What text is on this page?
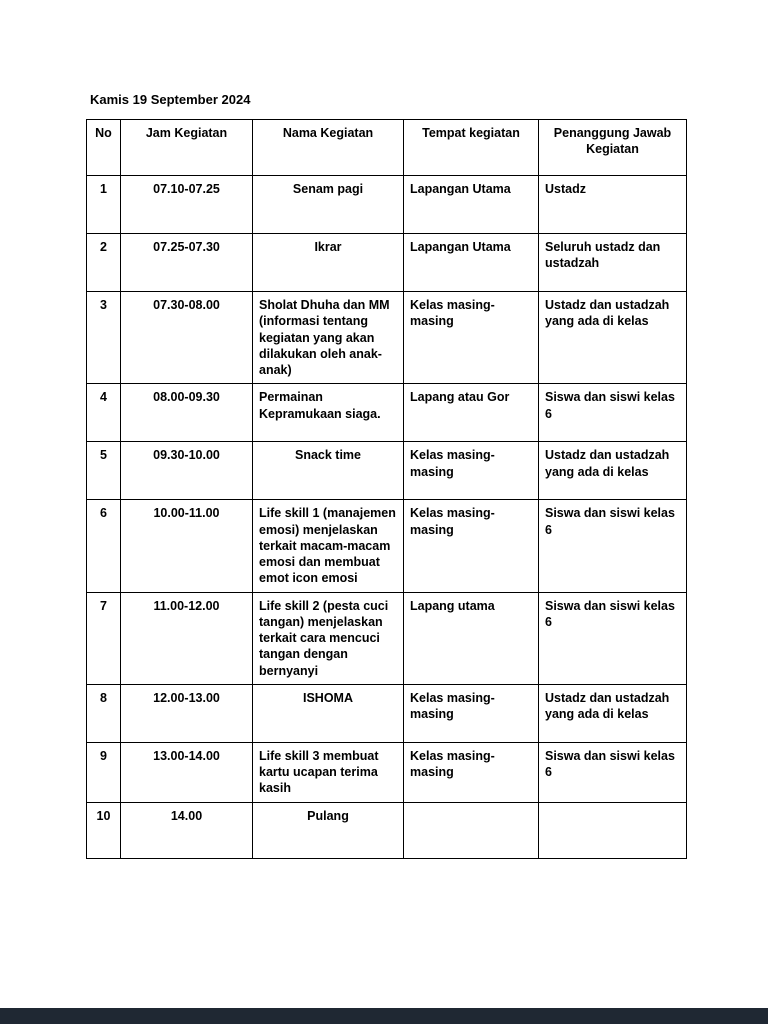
Kamis 19 September 2024
No	Jam Kegiatan	Nama Kegiatan	Tempat kegiatan	Penanggung Jawab Kegiatan
1	07.10-07.25	Senam pagi	Lapangan Utama	Ustadz
2	07.25-07.30	Ikrar	Lapangan Utama	Seluruh ustadz dan ustadzah
3	07.30-08.00	Sholat Dhuha dan MM (informasi tentang kegiatan yang akan dilakukan oleh anak-anak)	Kelas masing-masing	Ustadz dan ustadzah yang ada di kelas
4	08.00-09.30	Permainan Kepramukaan siaga.	Lapang atau Gor	Siswa dan siswi kelas 6
5	09.30-10.00	Snack time	Kelas masing-masing	Ustadz dan ustadzah yang ada di kelas
6	10.00-11.00	Life skill 1 (manajemen emosi) menjelaskan terkait macam-macam emosi dan membuat emot icon emosi	Kelas masing-masing	Siswa dan siswi kelas 6
7	11.00-12.00	Life skill 2 (pesta cuci tangan) menjelaskan terkait cara mencuci tangan dengan bernyanyi	Lapang utama	Siswa dan siswi kelas 6
8	12.00-13.00	ISHOMA	Kelas masing-masing	Ustadz dan ustadzah yang ada di kelas
9	13.00-14.00	Life skill 3 membuat kartu ucapan terima kasih	Kelas masing-masing	Siswa dan siswi kelas 6
10	14.00	Pulang		
